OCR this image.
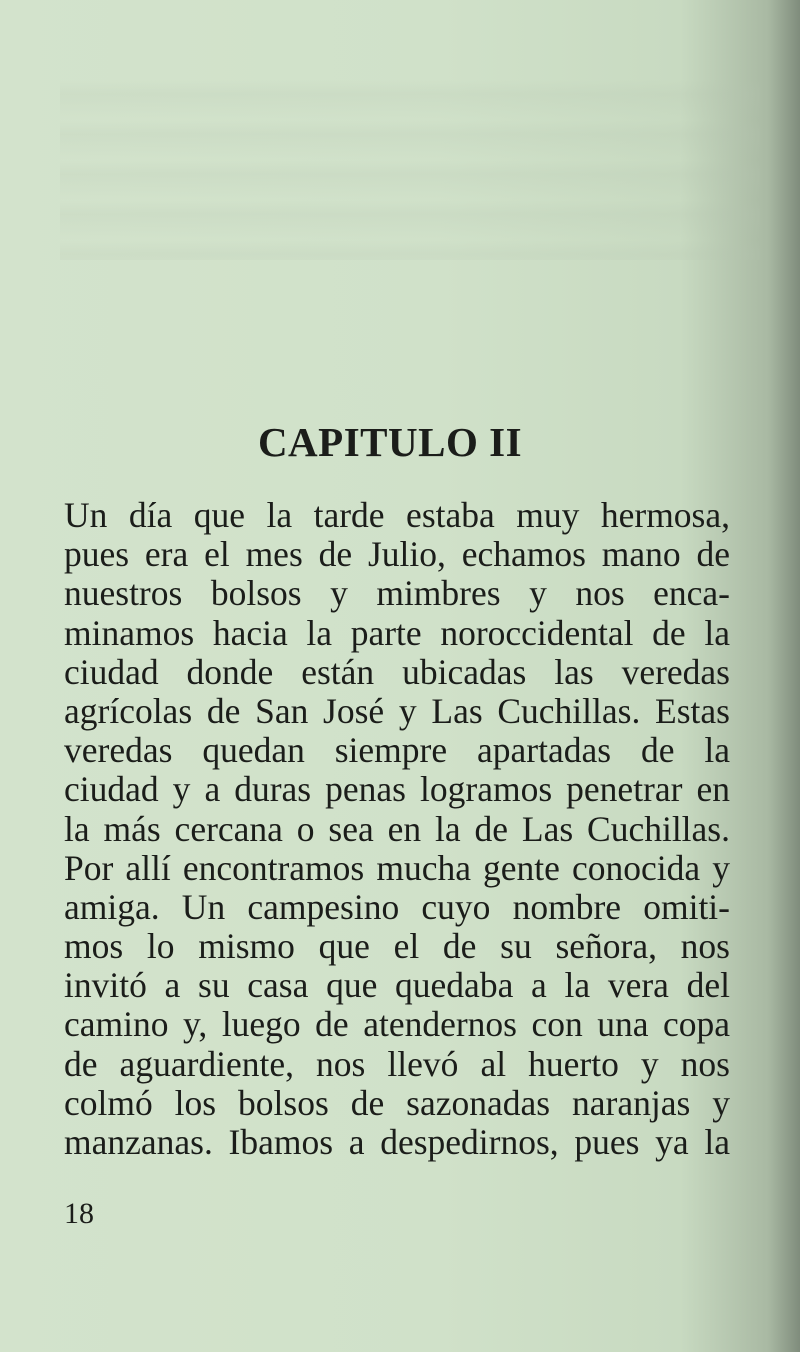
CAPITULO II
Un día que la tarde estaba muy hermosa,
pues era el mes de Julio, echamos mano de
nuestros bolsos y mimbres y nos enca-
minamos hacia la parte noroccidental de la
ciudad donde están ubicadas las veredas
agrícolas de San José y Las Cuchillas. Estas
veredas quedan siempre apartadas de la
ciudad y a duras penas logramos penetrar en
la más cercana o sea en la de Las Cuchillas.
Por allí encontramos mucha gente conocida y
amiga. Un campesino cuyo nombre omiti-
mos lo mismo que el de su señora, nos
invitó a su casa que quedaba a la vera del
camino y, luego de atendernos con una copa
de aguardiente, nos llevó al huerto y nos
colmó los bolsos de sazonadas naranjas y
manzanas. Ibamos a despedirnos, pues ya la

18
